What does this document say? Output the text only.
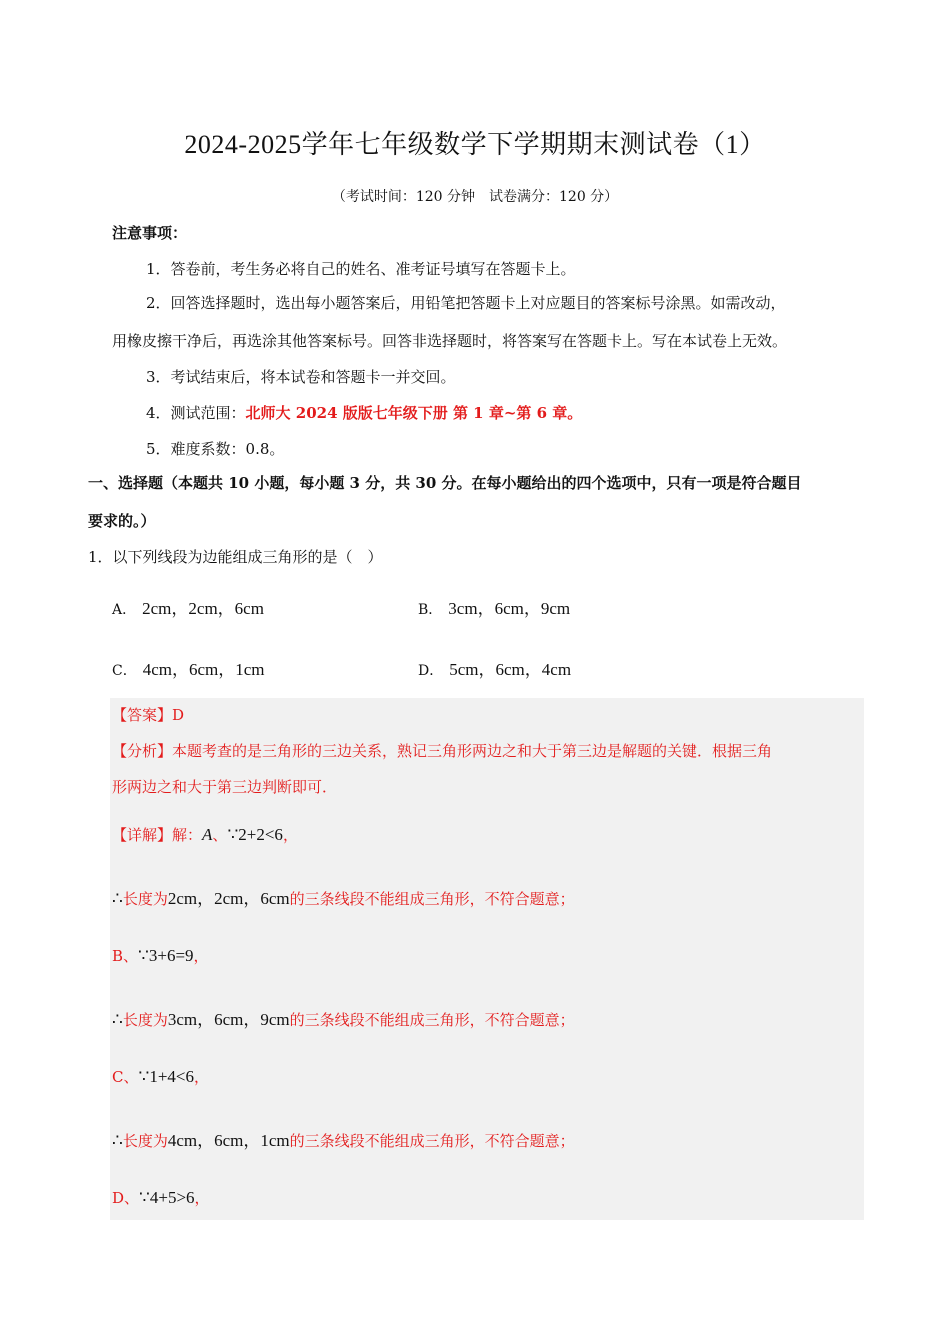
2024-2025学年七年级数学下学期期末测试卷（1）
（考试时间：120 分钟　试卷满分：120 分）
注意事项：
1．答卷前，考生务必将自己的姓名、准考证号填写在答题卡上。
2．回答选择题时，选出每小题答案后，用铅笔把答题卡上对应题目的答案标号涂黑。如需改动，
用橡皮擦干净后，再选涂其他答案标号。回答非选择题时，将答案写在答题卡上。写在本试卷上无效。
3．考试结束后，将本试卷和答题卡一并交回。
4．测试范围：北师大 2024 版版七年级下册 第 1 章~第 6 章。
5．难度系数：0.8。
一、选择题（本题共 10 小题，每小题 3 分，共 30 分。在每小题给出的四个选项中，只有一项是符合题目
要求的。）
1．以下列线段为边能组成三角形的是（　）
A． 2cm，2cm，6cm	B． 3cm，6cm，9cm
C． 4cm，6cm，1cm	D． 5cm，6cm，4cm
【答案】D
【分析】本题考查的是三角形的三边关系，熟记三角形两边之和大于第三边是解题的关键．根据三角
形两边之和大于第三边判断即可．
【详解】解：A、∵2+2<6，
∴长度为2cm，2cm，6cm的三条线段不能组成三角形，不符合题意；
B、∵3+6=9，
∴长度为3cm，6cm，9cm的三条线段不能组成三角形，不符合题意；
C、∵1+4<6，
∴长度为4cm，6cm，1cm的三条线段不能组成三角形，不符合题意；
D、∵4+5>6，
